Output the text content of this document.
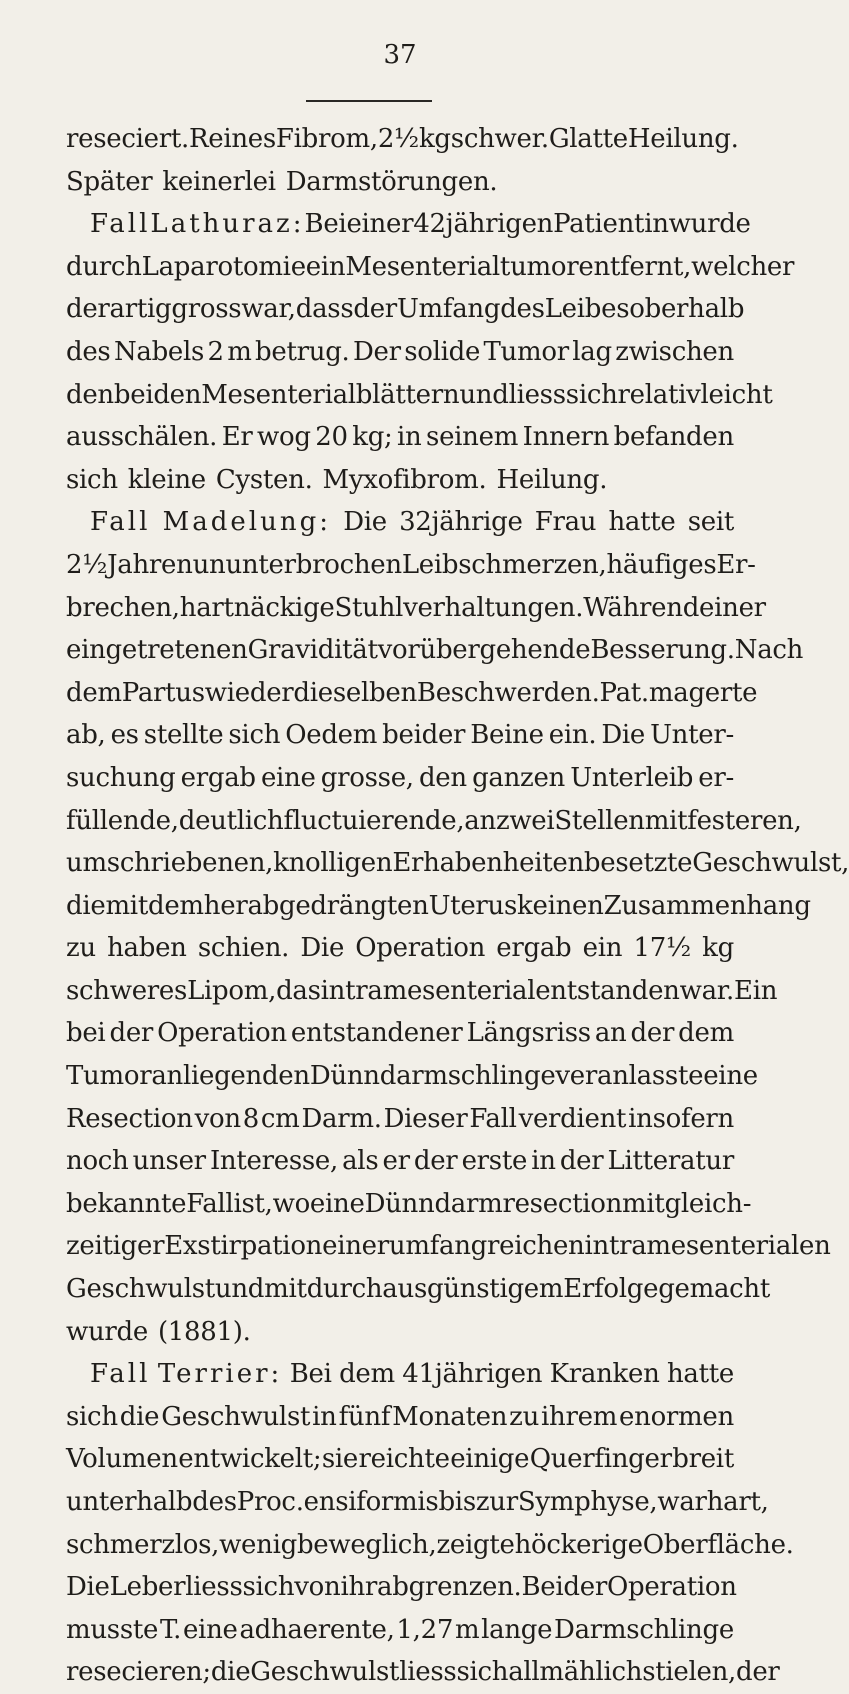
37
reseciert. Reines Fibrom, 2½ kg schwer. Glatte Heilung.
Später keinerlei Darmstörungen.
Fall Lathuraz: Bei einer 42jährigen Patientin wurde
durch Laparotomie ein Mesenterialtumor entfernt, welcher
derartig gross war, dass der Umfang des Leibes oberhalb
des Nabels 2 m betrug. Der solide Tumor lag zwischen
den beiden Mesenterialblättern und liess sich relativ leicht
ausschälen. Er wog 20 kg; in seinem Innern befanden
sich kleine Cysten. Myxofibrom. Heilung.
Fall Madelung: Die 32jährige Frau hatte seit
2½ Jahren ununterbrochen Leibschmerzen, häufiges Er-
brechen, hartnäckige Stuhlverhaltungen. Während einer
eingetretenen Gravidität vorübergehende Besserung. Nach
dem Partus wieder dieselben Beschwerden. Pat. magerte
ab, es stellte sich Oedem beider Beine ein. Die Unter-
suchung ergab eine grosse, den ganzen Unterleib er-
füllende, deutlich fluctuierende, an zwei Stellen mit festeren,
umschriebenen, knolligen Erhabenheiten besetzte Geschwulst,
die mit dem herabgedrängten Uterus keinen Zusammenhang
zu haben schien. Die Operation ergab ein 17½ kg
schweres Lipom, das intramesenterial entstanden war. Ein
bei der Operation entstandener Längsriss an der dem
Tumor anliegenden Dünndarmschlinge veranlasste eine
Resection von 8 cm Darm. Dieser Fall verdient insofern
noch unser Interesse, als er der erste in der Litteratur
bekannte Fall ist, wo eine Dünndarmresection mit gleich-
zeitiger Exstirpation einer umfangreichen intramesenterialen
Geschwulst und mit durchaus günstigem Erfolge gemacht
wurde (1881).
Fall Terrier: Bei dem 41jährigen Kranken hatte
sich die Geschwulst in fünf Monaten zu ihrem enormen
Volumen entwickelt; sie reichte einige Querfinger breit
unterhalb des Proc. ensiformis bis zur Symphyse, war hart,
schmerzlos, wenig beweglich, zeigte höckerige Oberfläche.
Die Leber liess sich von ihr abgrenzen. Bei der Operation
musste T. eine adhaerente, 1,27 m lange Darmschlinge
resecieren; die Geschwulst liess sich allmählich stielen, der
